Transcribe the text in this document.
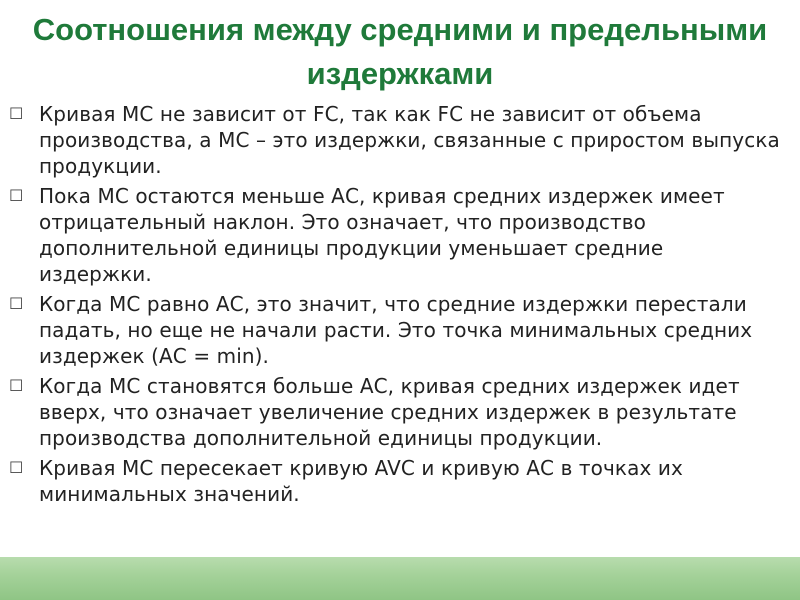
Соотношения между средними и предельными издержками
☐ Кривая МС не зависит от FC, так как FC не зависит от объема производства, а МС – это издержки, связанные с приростом выпуска продукции.
☐ Пока МС остаются меньше АС, кривая средних издержек имеет отрицательный наклон. Это означает, что производство дополнительной единицы продукции уменьшает средние издержки.
☐ Когда МС равно АС, это значит, что средние издержки перестали падать, но еще не начали расти. Это точка минимальных средних издержек (АС = min).
☐ Когда МС становятся больше АС, кривая средних издержек идет вверх, что означает увеличение средних издержек в результате производства дополнительной единицы продукции.
☐ Кривая МС пересекает кривую AVC и кривую АС в точках их минимальных значений.
